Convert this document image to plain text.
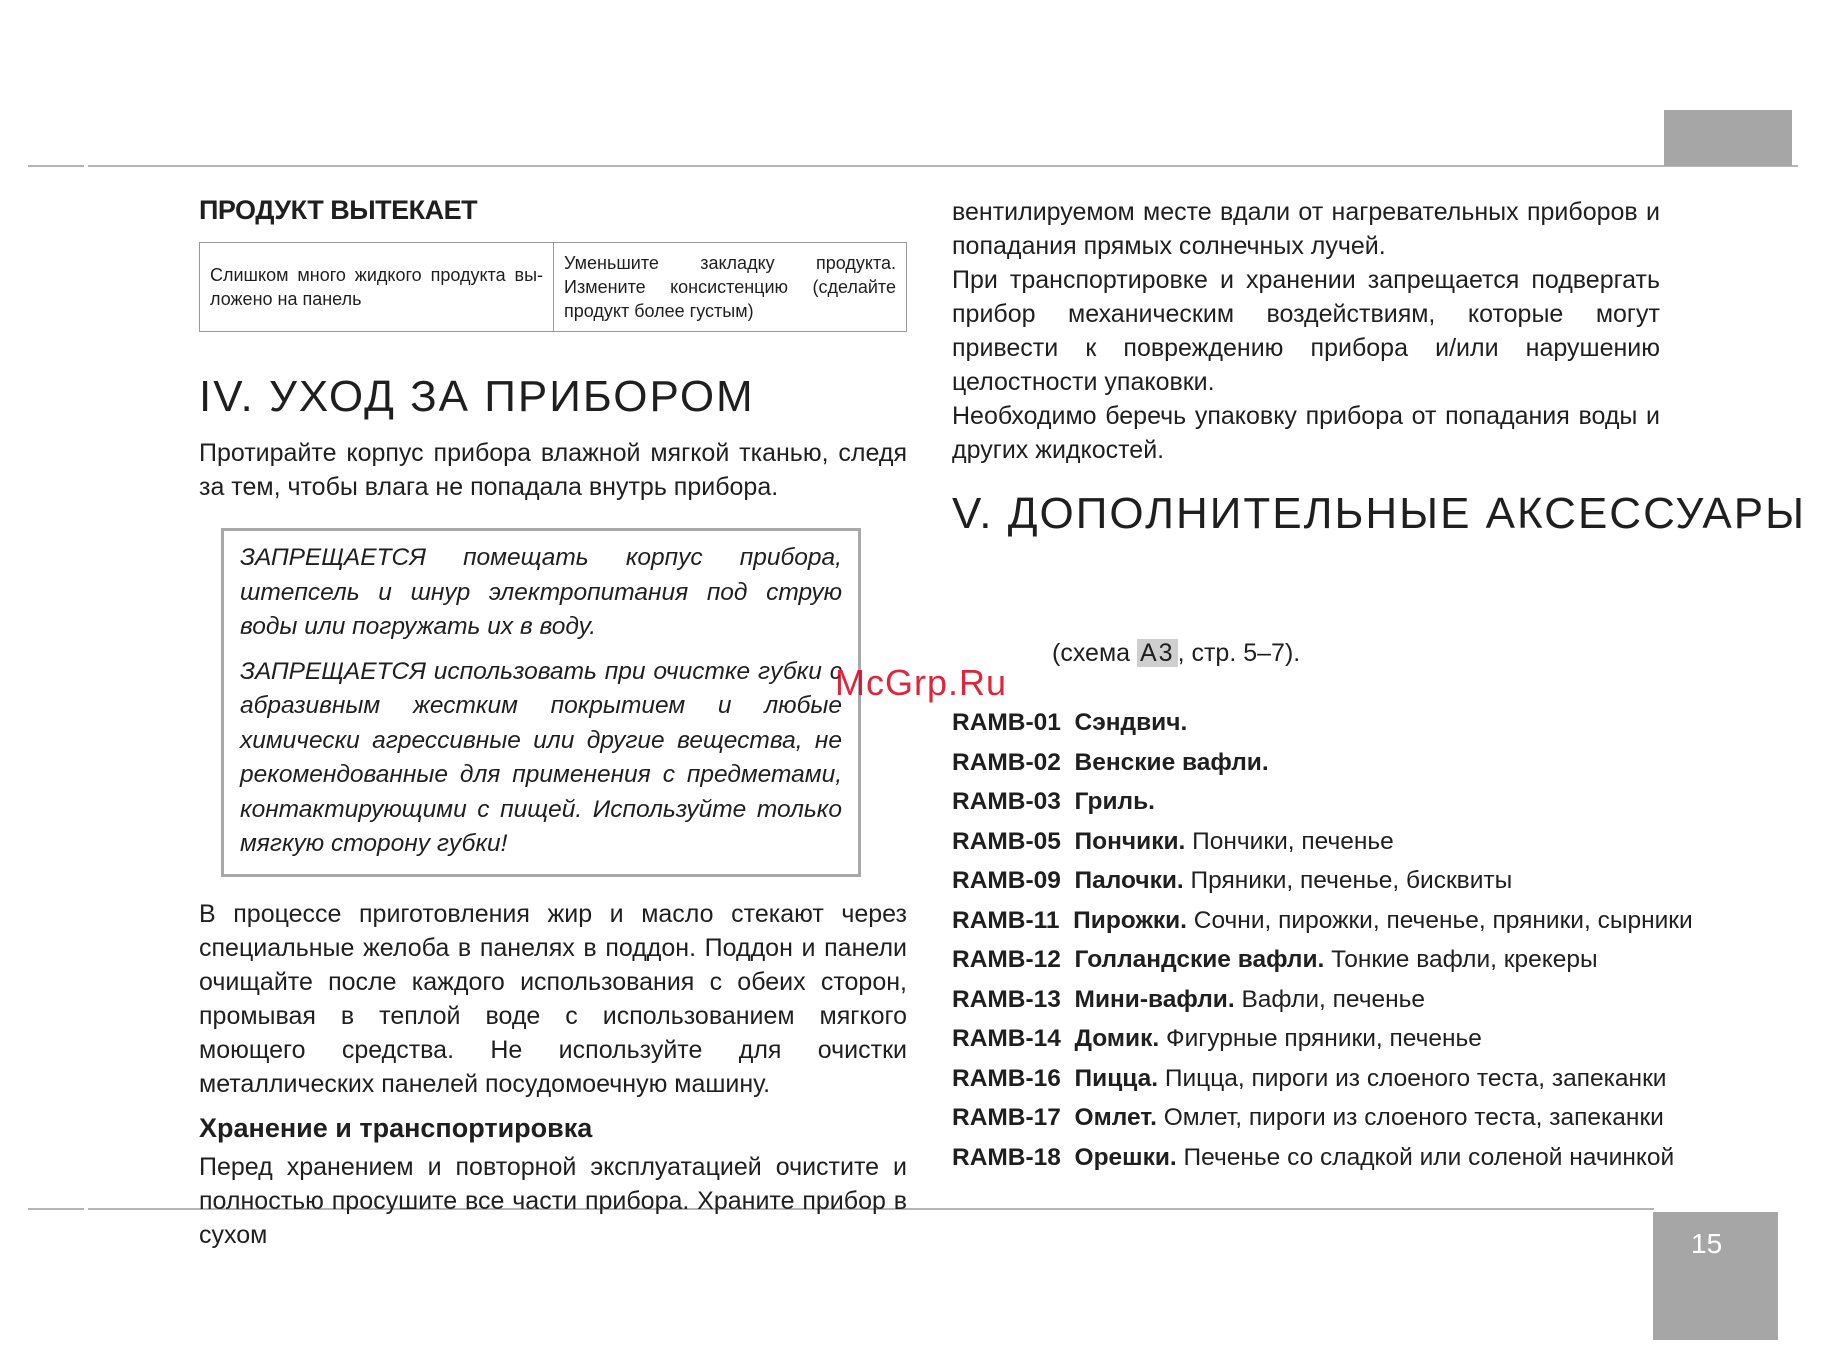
ПРОДУКТ ВЫТЕКАЕТ
Слишком много жидкого продукта выложено на панель	Уменьшите закладку продукта. Измените консистенцию (сделайте продукт более густым)
IV. УХОД ЗА ПРИБОРОМ

Протирайте корпус прибора влажной мягкой тканью, следя за тем, чтобы влага не попадала внутрь прибора.

ЗАПРЕЩАЕТСЯ помещать корпус прибора, штепсель и шнур электропитания под струю воды или погружать их в воду.

ЗАПРЕЩАЕТСЯ использовать при очистке губки с абразивным жестким покрытием и любые химически агрессивные или другие вещества, не рекомендованные для применения с предметами, контактирующими с пищей. Используйте только мягкую сторону губки!

В процессе приготовления жир и масло стекают через специальные желоба в панелях в поддон. Поддон и панели очищайте после каждого использования с обеих сторон, промывая в теплой воде с использованием мягкого моющего средства. Не используйте для очистки металлических панелей посудомоечную машину.

Хранение и транспортировка

Перед хранением и повторной эксплуатацией очистите и полностью просушите все части прибора. Храните прибор в сухом

вентилируемом месте вдали от нагревательных приборов и попадания прямых солнечных лучей.

При транспортировке и хранении запрещается подвергать прибор механическим воздействиям, которые могут привести к повреждению прибора и/или нарушению целостности упаковки.

Необходимо беречь упаковку прибора от попадания воды и других жидкостей.

V. ДОПОЛНИТЕЛЬНЫЕ АКСЕССУАРЫ
(схема A3 , стр. 5–7).
RAMB-01 Сэндвич.
RAMB-02 Венские вафли.
RAMB-03 Гриль.
RAMB-05 Пончики. Пончики, печенье
RAMB-09 Палочки. Пряники, печенье, бисквиты
RAMB-11 Пирожки. Сочни, пирожки, печенье, пряники, сырники
RAMB-12 Голландские вафли. Тонкие вафли, крекеры
RAMB-13 Мини-вафли. Вафли, печенье
RAMB-14 Домик. Фигурные пряники, печенье
RAMB-16 Пицца. Пицца, пироги из слоеного теста, запеканки
RAMB-17 Омлет. Омлет, пироги из слоеного теста, запеканки
RAMB-18 Орешки. Печенье со сладкой или соленой начинкой
McGrp.Ru
15
